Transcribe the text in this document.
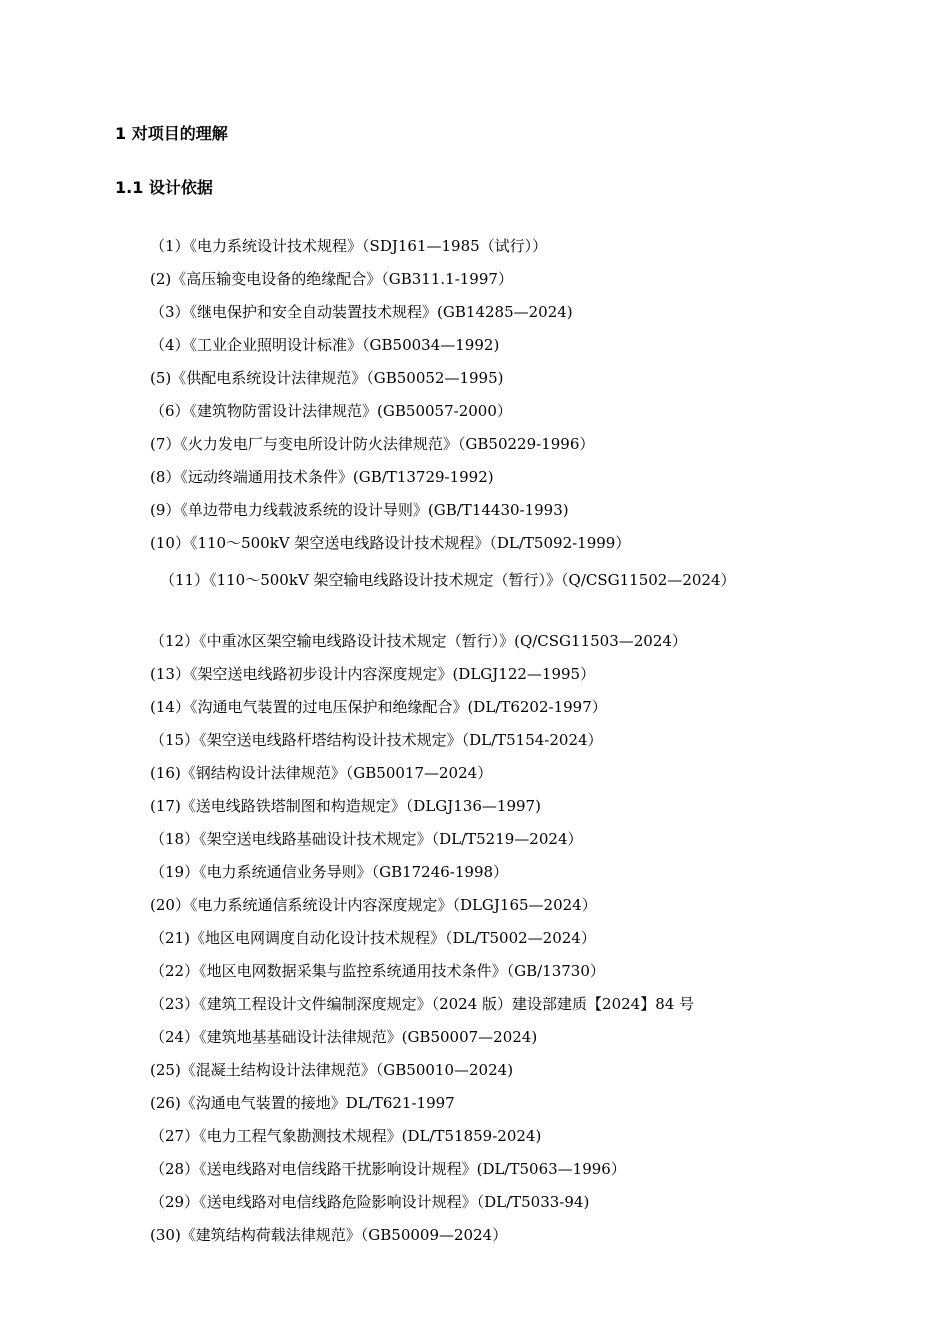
1 对项目的理解
1.1 设计依据
（1）《电力系统设计技术规程》（SDJ161—1985（试行））
(2)《高压输变电设备的绝缘配合》（GB311.1-1997）
（3）《继电保护和安全自动装置技术规程》(GB14285—2024)
（4）《工业企业照明设计标准》（GB50034—1992)
(5)《供配电系统设计法律规范》（GB50052—1995)
（6）《建筑物防雷设计法律规范》(GB50057-2000）
(7）《火力发电厂与变电所设计防火法律规范》（GB50229-1996）
(8）《远动终端通用技术条件》(GB/T13729-1992)
(9）《单边带电力线载波系统的设计导则》(GB/T14430-1993)
(10）《110～500kV 架空送电线路设计技术规程》（DL/T5092-1999）
（11）《110～500kV 架空输电线路设计技术规定（暂行）》（Q/CSG11502—2024）
（12）《中重冰区架空输电线路设计技术规定（暂行）》(Q/CSG11503—2024）
(13）《架空送电线路初步设计内容深度规定》(DLGJ122—1995）
(14）《沟通电气装置的过电压保护和绝缘配合》(DL/T6202-1997）
（15）《架空送电线路杆塔结构设计技术规定》（DL/T5154-2024）
(16)《钢结构设计法律规范》（GB50017—2024）
(17)《送电线路铁塔制图和构造规定》（DLGJ136—1997)
（18）《架空送电线路基础设计技术规定》（DL/T5219—2024）
（19）《电力系统通信业务导则》（GB17246-1998）
(20）《电力系统通信系统设计内容深度规定》（DLGJ165—2024）
（21)《地区电网调度自动化设计技术规程》（DL/T5002—2024）
（22）《地区电网数据采集与监控系统通用技术条件》（GB/13730）
（23）《建筑工程设计文件编制深度规定》（2024 版）建设部建质【2024】84 号
（24）《建筑地基基础设计法律规范》(GB50007—2024)
(25)《混凝土结构设计法律规范》（GB50010—2024)
(26)《沟通电气装置的接地》DL/T621-1997
（27）《电力工程气象勘测技术规程》(DL/T51859-2024)
（28）《送电线路对电信线路干扰影响设计规程》(DL/T5063—1996）
（29）《送电线路对电信线路危险影响设计规程》（DL/T5033-94)
(30)《建筑结构荷载法律规范》（GB50009—2024）
